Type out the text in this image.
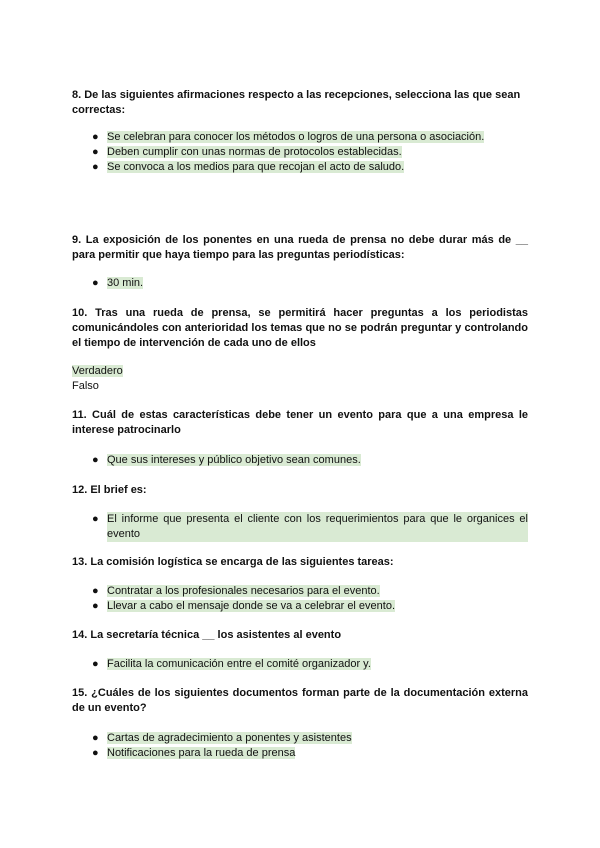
8. De las siguientes afirmaciones respecto a las recepciones, selecciona las que sean correctas:

● Se celebran para conocer los métodos o logros de una persona o asociación.
● Deben cumplir con unas normas de protocolos establecidas.
● Se convoca a los medios para que recojan el acto de saludo.

9. La exposición de los ponentes en una rueda de prensa no debe durar más de __ para permitir que haya tiempo para las preguntas periodísticas:

● 30 min.

10. Tras una rueda de prensa, se permitirá hacer preguntas a los periodistas comunicándoles con anterioridad los temas que no se podrán preguntar y controlando el tiempo de intervención de cada uno de ellos

Verdadero

Falso

11. Cuál de estas características debe tener un evento para que a una empresa le interese patrocinarlo

● Que sus intereses y público objetivo sean comunes.

12. El brief es:

● El informe que presenta el cliente con los requerimientos para que le organices el evento

13. La comisión logística se encarga de las siguientes tareas:

● Contratar a los profesionales necesarios para el evento.
● Llevar a cabo el mensaje donde se va a celebrar el evento.

14. La secretaría técnica __ los asistentes al evento

● Facilita la comunicación entre el comité organizador y.

15. ¿Cuáles de los siguientes documentos forman parte de la documentación externa de un evento?

● Cartas de agradecimiento a ponentes y asistentes
● Notificaciones para la rueda de prensa
